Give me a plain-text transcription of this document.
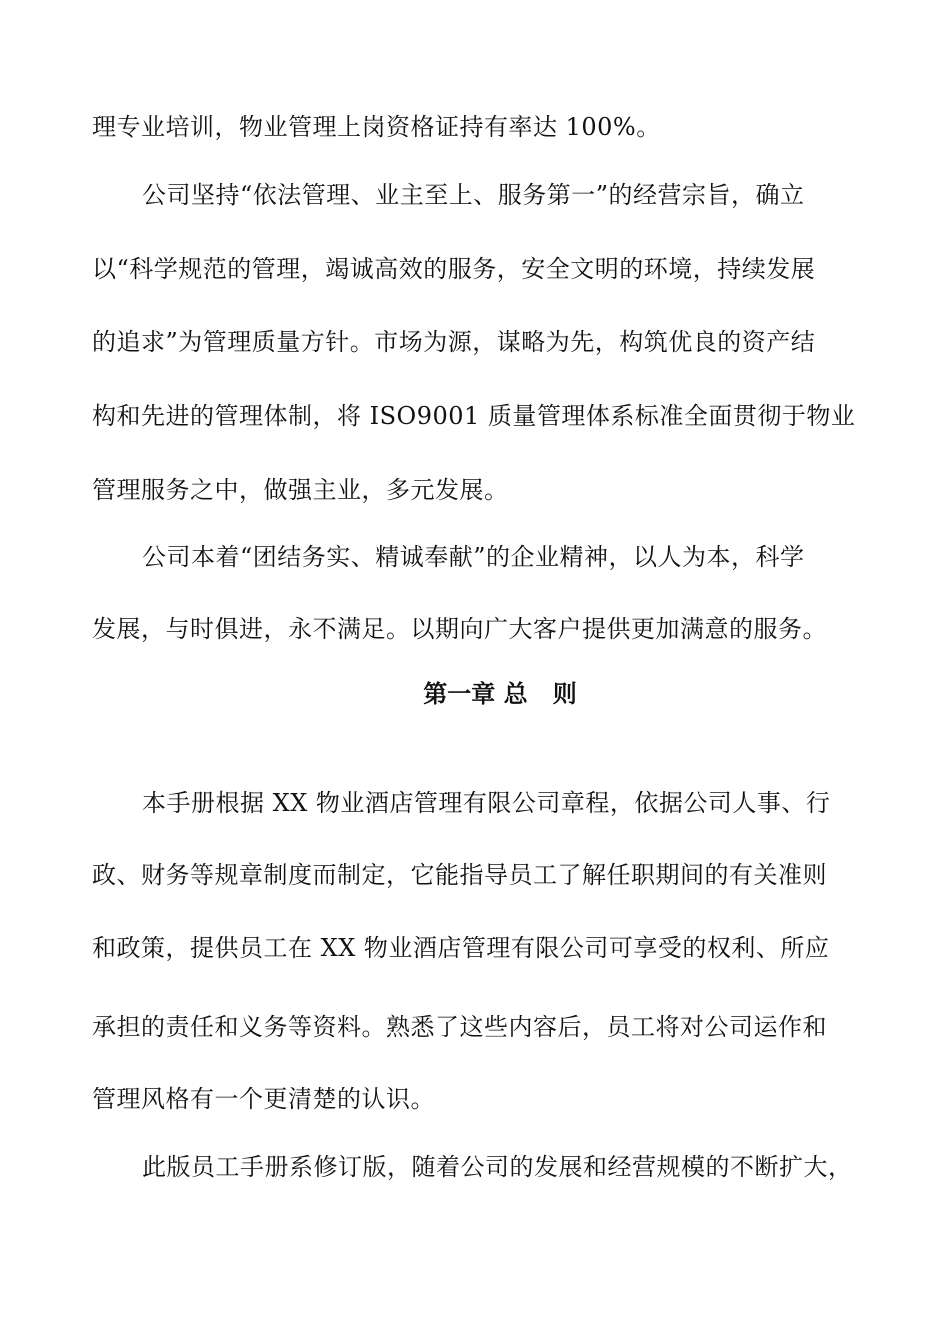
理专业培训，物业管理上岗资格证持有率达 100%。
公司坚持“依法管理、业主至上、服务第一”的经营宗旨，确立
以“科学规范的管理，竭诚高效的服务，安全文明的环境，持续发展
的追求”为管理质量方针。市场为源，谋略为先，构筑优良的资产结
构和先进的管理体制，将 ISO9001 质量管理体系标准全面贯彻于物业
管理服务之中，做强主业，多元发展。
公司本着“团结务实、精诚奉献”的企业精神，以人为本，科学
发展，与时俱进，永不满足。以期向广大客户提供更加满意的服务。
第一章 总   则
本手册根据 XX 物业酒店管理有限公司章程，依据公司人事、行
政、财务等规章制度而制定，它能指导员工了解任职期间的有关准则
和政策，提供员工在 XX 物业酒店管理有限公司可享受的权利、所应
承担的责任和义务等资料。熟悉了这些内容后，员工将对公司运作和
管理风格有一个更清楚的认识。
此版员工手册系修订版，随着公司的发展和经营规模的不断扩大，
